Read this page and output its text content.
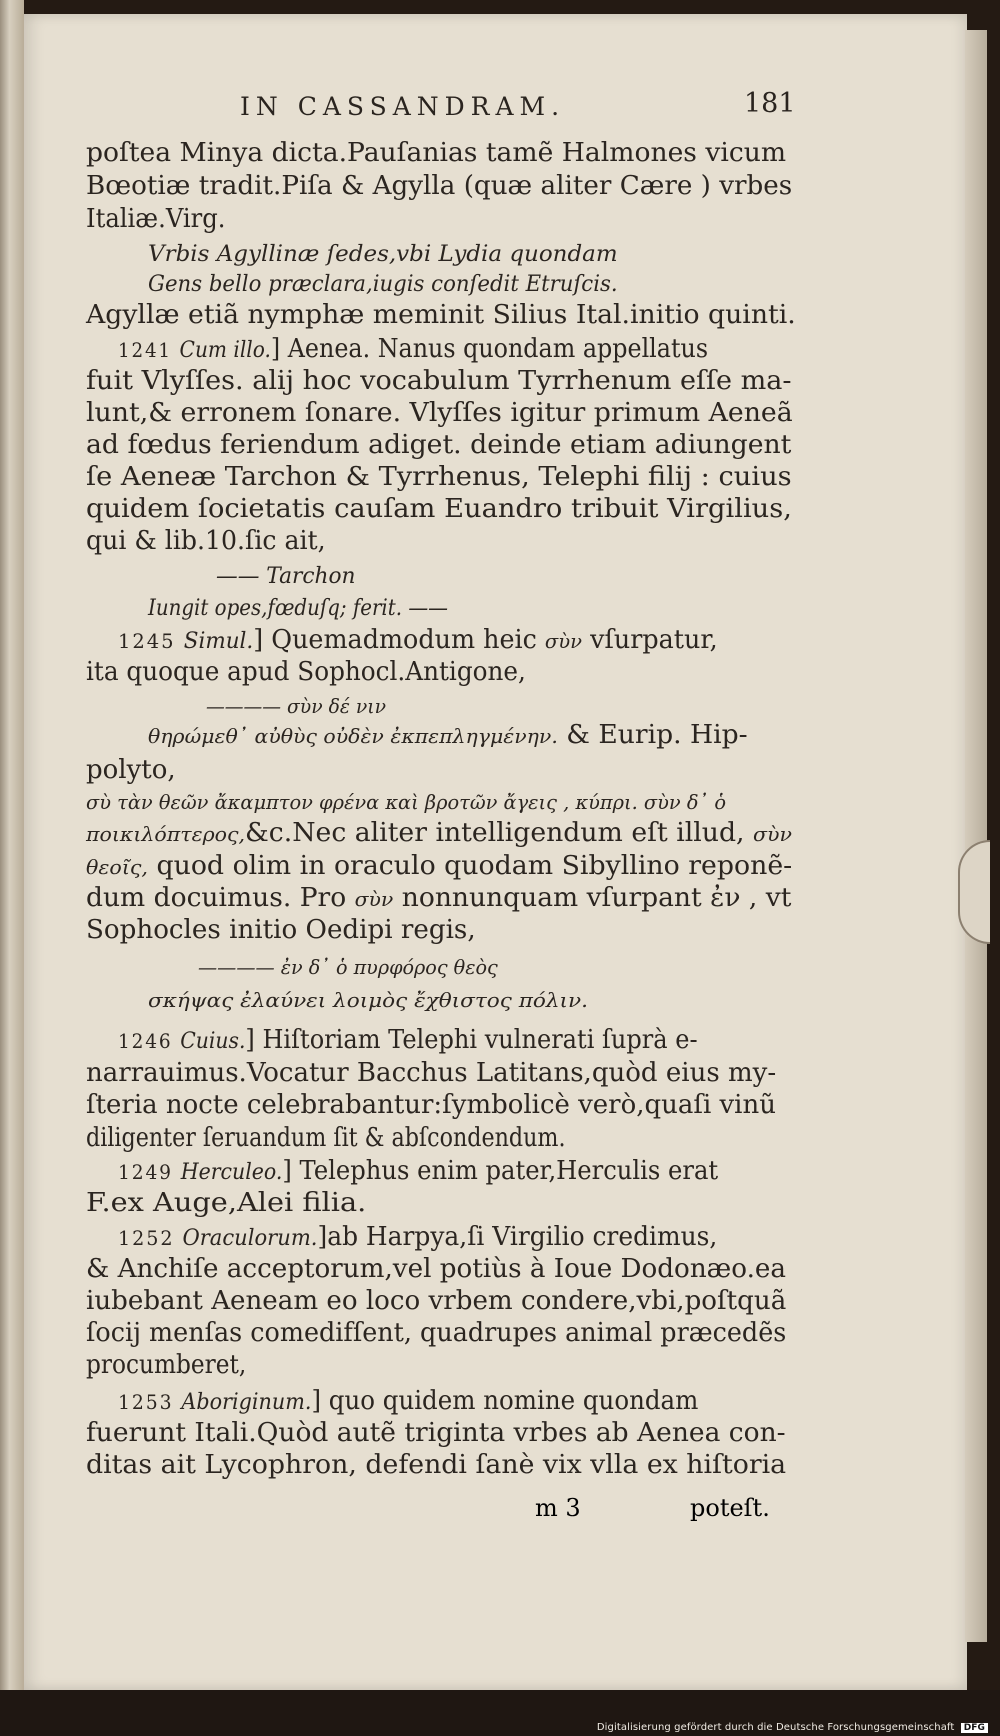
IN CASSANDRAM.	181
poſtea Minya dicta.Pauſanias tamẽ Halmones vicum
Bœotiæ tradit.Piſa & Agylla (quæ aliter Cære ) vrbes
Italiæ.Virg.
Vrbis Agyllinæ ſedes,vbi Lydia quondam
Gens bello præclara,iugis conſedit Etruſcis.
Agyllæ etiã nymphæ meminit Silius Ital.initio quinti.
1241 Cum illo.] Aenea. Nanus quondam appellatus
fuit Vlyſſes. alij hoc vocabulum Tyrrhenum eſſe ma-
lunt,& erronem ſonare. Vlyſſes igitur primum Aeneã
ad fœdus feriendum adiget. deinde etiam adiungent
ſe Aeneæ Tarchon & Tyrrhenus, Telephi filij : cuius
quidem ſocietatis cauſam Euandro tribuit Virgilius,
qui & lib.10.ſic ait,
—— Tarchon
Iungit opes,fœduſq; ferit. ——
1245 Simul.] Quemadmodum heic σὺν vſurpatur,
ita quoque apud Sophocl.Antigone,
———— σὺν δέ νιν
θηρώμεθ᾽ αὐθὺς οὐδὲν ἐκπεπληγμένην. & Eurip. Hip-
polyto,
σὺ τὰν θεῶν ἄκαμπτον φρένα καὶ βροτῶν ἄγεις , κύπρι. σὺν δ᾽ ὁ
ποικιλόπτερος,&c.Nec aliter intelligendum eſt illud, σὺν
θεοῖς, quod olim in oraculo quodam Sibyllino reponẽ-
dum docuimus. Pro σὺν nonnunquam vſurpant ἐν , vt
Sophocles initio Oedipi regis,
———— ἐν δ᾽ ὁ πυρφόρος θεὸς
σκήψας ἐλαύνει λοιμὸς ἔχθιστος πόλιν.
1246 Cuius.] Hiſtoriam Telephi vulnerati ſuprà e-
narrauimus.Vocatur Bacchus Latitans,quòd eius my-
ſteria nocte celebrabantur:ſymbolicè verò,quaſi vinũ
diligenter ſeruandum ſit & abſcondendum.
1249 Herculeo.] Telephus enim pater,Herculis erat
F.ex Auge,Alei filia.
1252 Oraculorum.]ab Harpya,ſi Virgilio credimus,
& Anchiſe acceptorum,vel potiùs à Ioue Dodonæo.ea
iubebant Aeneam eo loco vrbem condere,vbi,poſtquã
ſocij menſas comedifſent, quadrupes animal præcedẽs
procumberet,
1253 Aboriginum.] quo quidem nomine quondam
fuerunt Itali.Quòd autẽ triginta vrbes ab Aenea con-
ditas ait Lycophron, defendi ſanè vix vlla ex hiſtoria
m 3	poteſt.
Digitalisierung gefördert durch die Deutsche Forschungsgemeinschaft DFG
